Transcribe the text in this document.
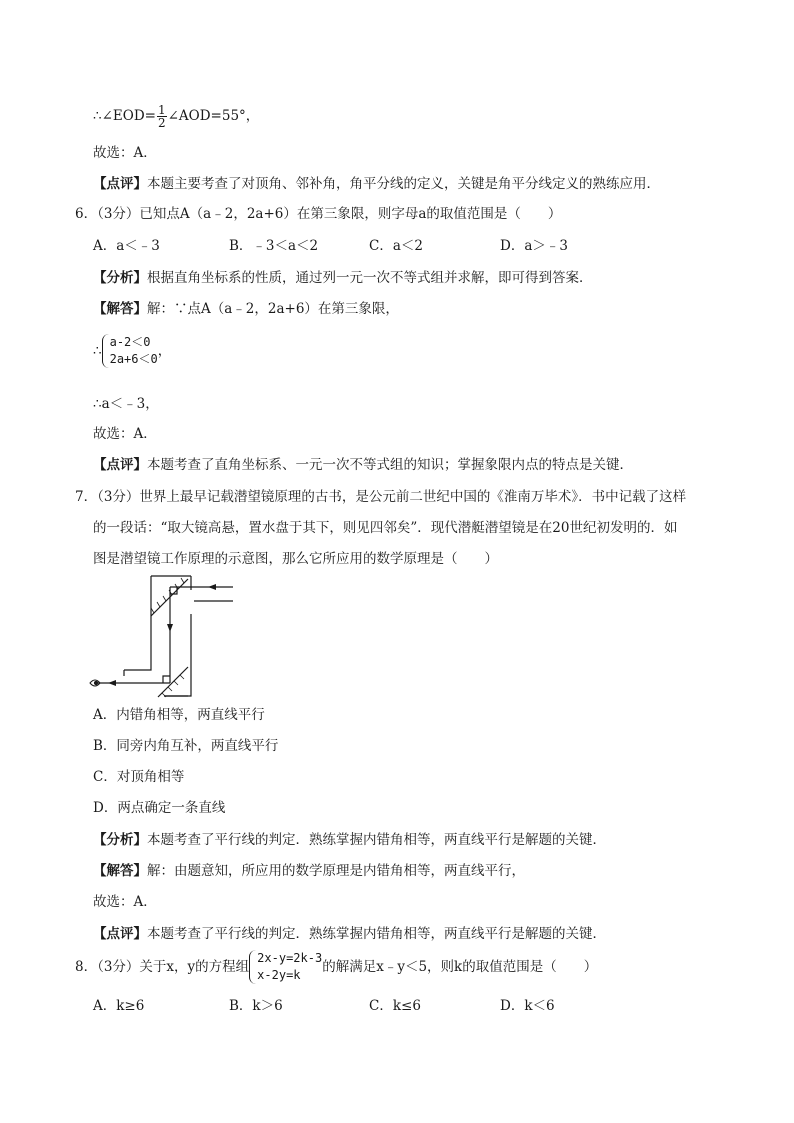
∴∠EOD= $\frac{1}{2}$ ∠AOD=55°，
故选：A．
【点评】本题主要考查了对顶角、邻补角，角平分线的定义，关键是角平分线定义的熟练应用．
6．（3分）已知点A（a﹣2，2a+6）在第三象限，则字母a的取值范围是（　　）
A．a＜﹣3	B．﹣3＜a＜2	C．a＜2	D．a＞﹣3
【分析】根据直角坐标系的性质，通过列一元一次不等式组并求解，即可得到答案．
【解答】解：∵点A（a﹣2，2a+6）在第三象限，
∴
a-2＜0
2a+6＜0 ，
∴a＜﹣3，
故选：A．
【点评】本题考查了直角坐标系、一元一次不等式组的知识；掌握象限内点的特点是关键．
7．（3分）世界上最早记载潜望镜原理的古书，是公元前二世纪中国的《淮南万毕术》．书中记载了这样
的一段话：“取大镜高悬，置水盘于其下，则见四邻矣”．现代潜艇潜望镜是在20世纪初发明的．如
图是潜望镜工作原理的示意图，那么它所应用的数学原理是（　　）
A．内错角相等，两直线平行
B．同旁内角互补，两直线平行
C．对顶角相等
D．两点确定一条直线
【分析】本题考查了平行线的判定．熟练掌握内错角相等，两直线平行是解题的关键．
【解答】解：由题意知，所应用的数学原理是内错角相等，两直线平行，
故选：A．
【点评】本题考查了平行线的判定．熟练掌握内错角相等，两直线平行是解题的关键．
8．（3分）关于x，y的方程组
2x-y=2k-3
x-2y=k	的解满足x﹣y＜5，则k的取值范围是（　　）
A．k≥6	B．k＞6	C．k≤6	D．k＜6
